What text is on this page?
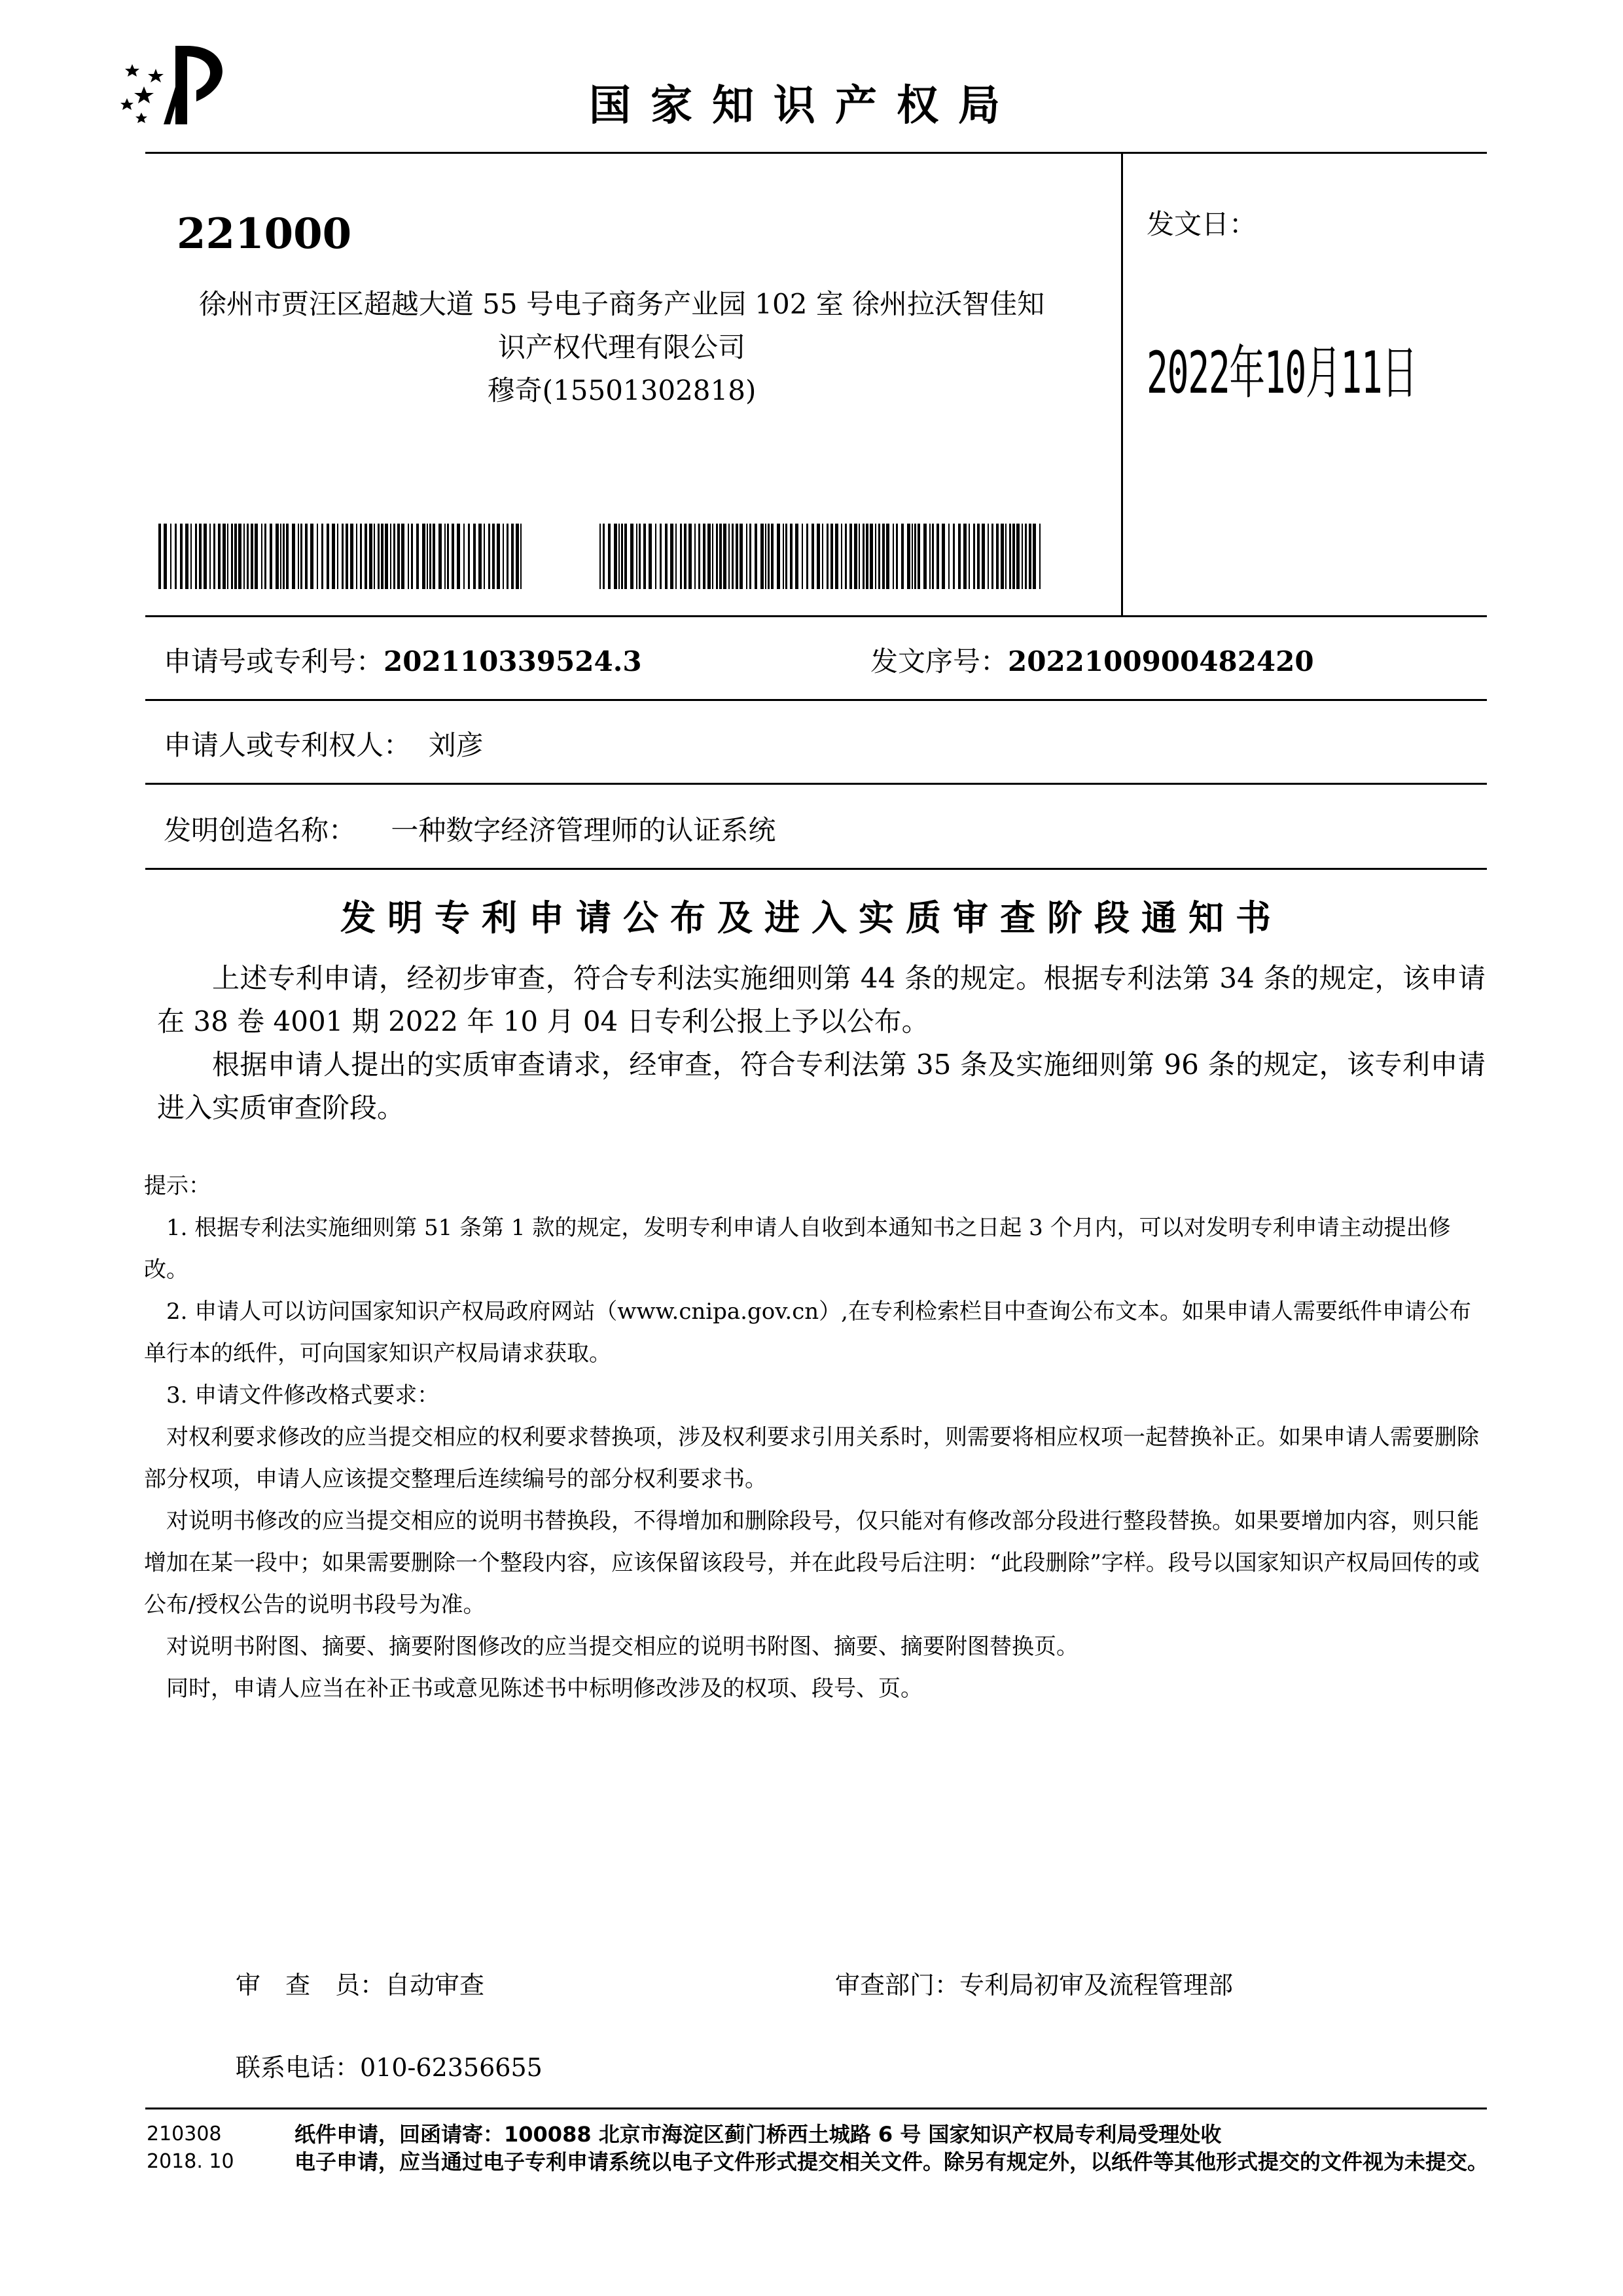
国家知识产权局
221000
徐州市贾汪区超越大道 55 号电子商务产业园 102 室 徐州拉沃智佳知
识产权代理有限公司
穆奇(15501302818)
发文日：
2022年10月11日
申请号或专利号：202110339524.3	发文序号：2022100900482420
申请人或专利权人： 刘彦
发明创造名称： 一种数字经济管理师的认证系统
发明专利申请公布及进入实质审查阶段通知书
上述专利申请，经初步审查，符合专利法实施细则第 44 条的规定。根据专利法第 34 条的规定，该申请在 38 卷 4001 期 2022 年 10 月 04 日专利公报上予以公布。
根据申请人提出的实质审查请求，经审查，符合专利法第 35 条及实施细则第 96 条的规定，该专利申请进入实质审查阶段。

提示：

1. 根据专利法实施细则第 51 条第 1 款的规定，发明专利申请人自收到本通知书之日起 3 个月内，可以对发明专利申请主动提出修改。

2. 申请人可以访问国家知识产权局政府网站（www.cnipa.gov.cn）,在专利检索栏目中查询公布文本。如果申请人需要纸件申请公布单行本的纸件，可向国家知识产权局请求获取。

3. 申请文件修改格式要求：

对权利要求修改的应当提交相应的权利要求替换项，涉及权利要求引用关系时，则需要将相应权项一起替换补正。如果申请人需要删除部分权项，申请人应该提交整理后连续编号的部分权利要求书。

对说明书修改的应当提交相应的说明书替换段，不得增加和删除段号，仅只能对有修改部分段进行整段替换。如果要增加内容，则只能增加在某一段中；如果需要删除一个整段内容，应该保留该段号，并在此段号后注明：“此段删除”字样。段号以国家知识产权局回传的或公布/授权公告的说明书段号为准。

对说明书附图、摘要、摘要附图修改的应当提交相应的说明书附图、摘要、摘要附图替换页。

同时，申请人应当在补正书或意见陈述书中标明修改涉及的权项、段号、页。

审　查　员：自动审查	审查部门：专利局初审及流程管理部
联系电话：010-62356655
210308
2018. 10
纸件申请，回函请寄：100088 北京市海淀区蓟门桥西土城路 6 号 国家知识产权局专利局受理处收
电子申请，应当通过电子专利申请系统以电子文件形式提交相关文件。除另有规定外，以纸件等其他形式提交的文件视为未提交。
